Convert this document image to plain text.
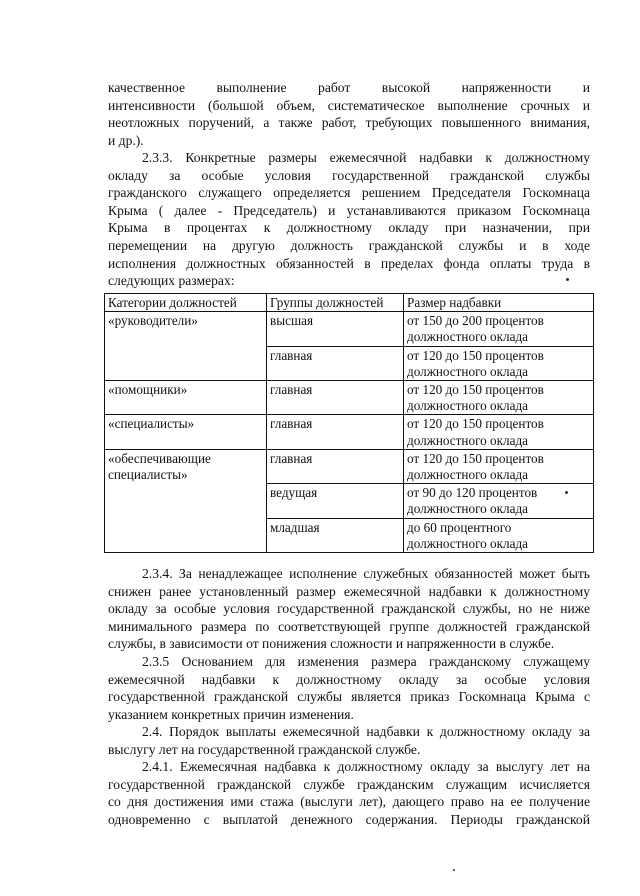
качественное выполнение работ высокой напряженности и
интенсивности (большой объем, систематическое выполнение срочных и
неотложных поручений, а также работ, требующих повышенного внимания,
и др.).
2.3.3. Конкретные размеры ежемесячной надбавки к должностному
окладу за особые условия государственной гражданской службы
гражданского служащего определяется решением Председателя Госкомнаца
Крыма ( далее - Председатель) и устанавливаются приказом Госкомнаца
Крыма в процентах к должностному окладу при назначении, при
перемещении на другую должность гражданской службы и в ходе
исполнения должностных обязанностей в пределах фонда оплаты труда в
следующих размерах:
Категории должностей	Группы должностей	Размер надбавки
«руководители»	высшая	от 150 до 200 процентов
должностного оклада
	главная	от 120 до 150 процентов
должностного оклада
«помощники»	главная	от 120 до 150 процентов
должностного оклада
«специалисты»	главная	от 120 до 150 процентов
должностного оклада
«обеспечивающие
специалисты»	главная	от 120 до 150 процентов
должностного оклада
	ведущая	от 90 до 120 процентов
должностного оклада
	младшая	до 60 процентного
должностного оклада
2.3.4. За ненадлежащее исполнение служебных обязанностей может быть
снижен ранее установленный размер ежемесячной надбавки к должностному
окладу за особые условия государственной гражданской службы, но не ниже
минимального размера по соответствующей группе должностей гражданской
службы, в зависимости от понижения сложности и напряженности в службе.
2.3.5 Основанием для изменения размера гражданскому служащему
ежемесячной надбавки к должностному окладу за особые условия
государственной гражданской службы является приказ Госкомнаца Крыма с
указанием конкретных причин изменения.
2.4. Порядок выплаты ежемесячной надбавки к должностному окладу за
выслугу лет на государственной гражданской службе.
2.4.1. Ежемесячная надбавка к должностному окладу за выслугу лет на
государственной гражданской службе гражданским служащим исчисляется
со дня достижения ими стажа (выслуги лет), дающего право на ее получение
одновременно с выплатой денежного содержания. Периоды гражданской
